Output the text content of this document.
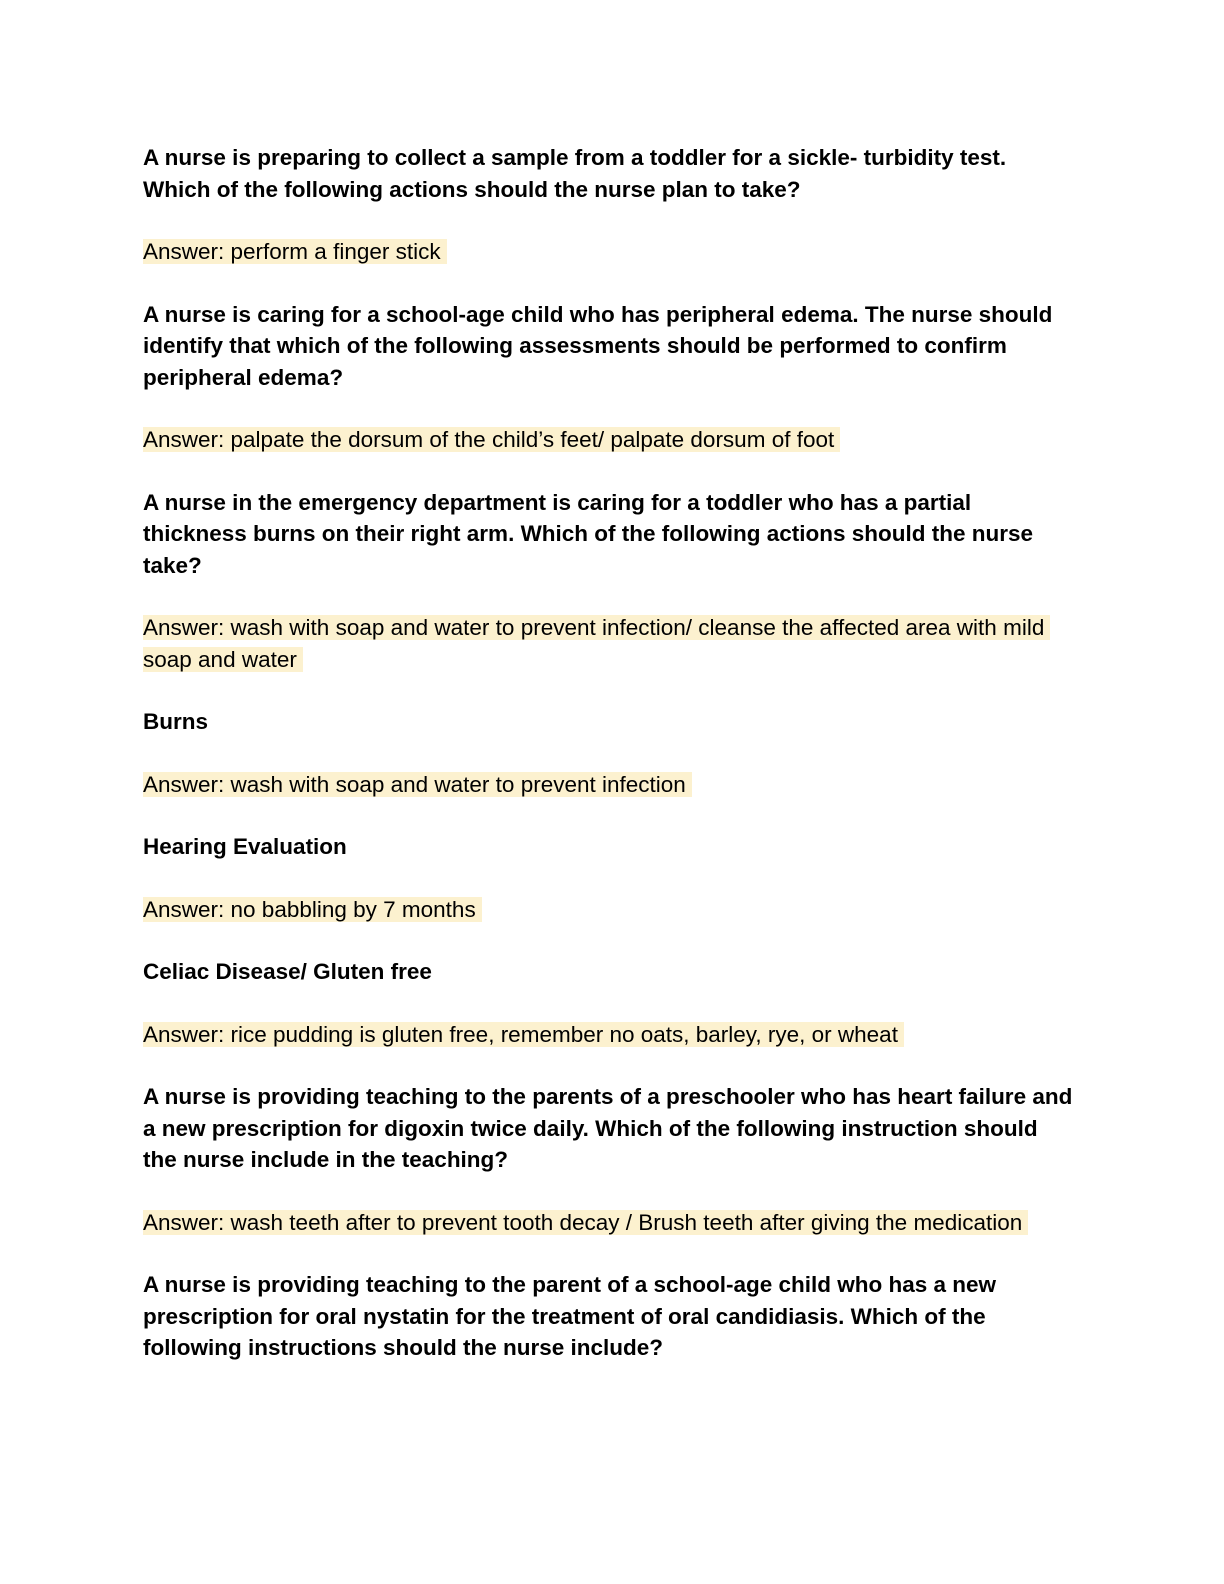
A nurse is preparing to collect a sample from a toddler for a sickle- turbidity test. Which of the following actions should the nurse plan to take?

Answer: perform a finger stick

A nurse is caring for a school-age child who has peripheral edema. The nurse should identify that which of the following assessments should be performed to confirm peripheral edema?

Answer: palpate the dorsum of the child’s feet/ palpate dorsum of foot

A nurse in the emergency department is caring for a toddler who has a partial thickness burns on their right arm. Which of the following actions should the nurse take?

Answer: wash with soap and water to prevent infection/ cleanse the affected area with mild soap and water

Burns

Answer: wash with soap and water to prevent infection

Hearing Evaluation

Answer: no babbling by 7 months

Celiac Disease/ Gluten free

Answer: rice pudding is gluten free, remember no oats, barley, rye, or wheat

A nurse is providing teaching to the parents of a preschooler who has heart failure and a new prescription for digoxin twice daily. Which of the following instruction should the nurse include in the teaching?

Answer: wash teeth after to prevent tooth decay / Brush teeth after giving the medication

A nurse is providing teaching to the parent of a school-age child who has a new prescription for oral nystatin for the treatment of oral candidiasis. Which of the following instructions should the nurse include?
